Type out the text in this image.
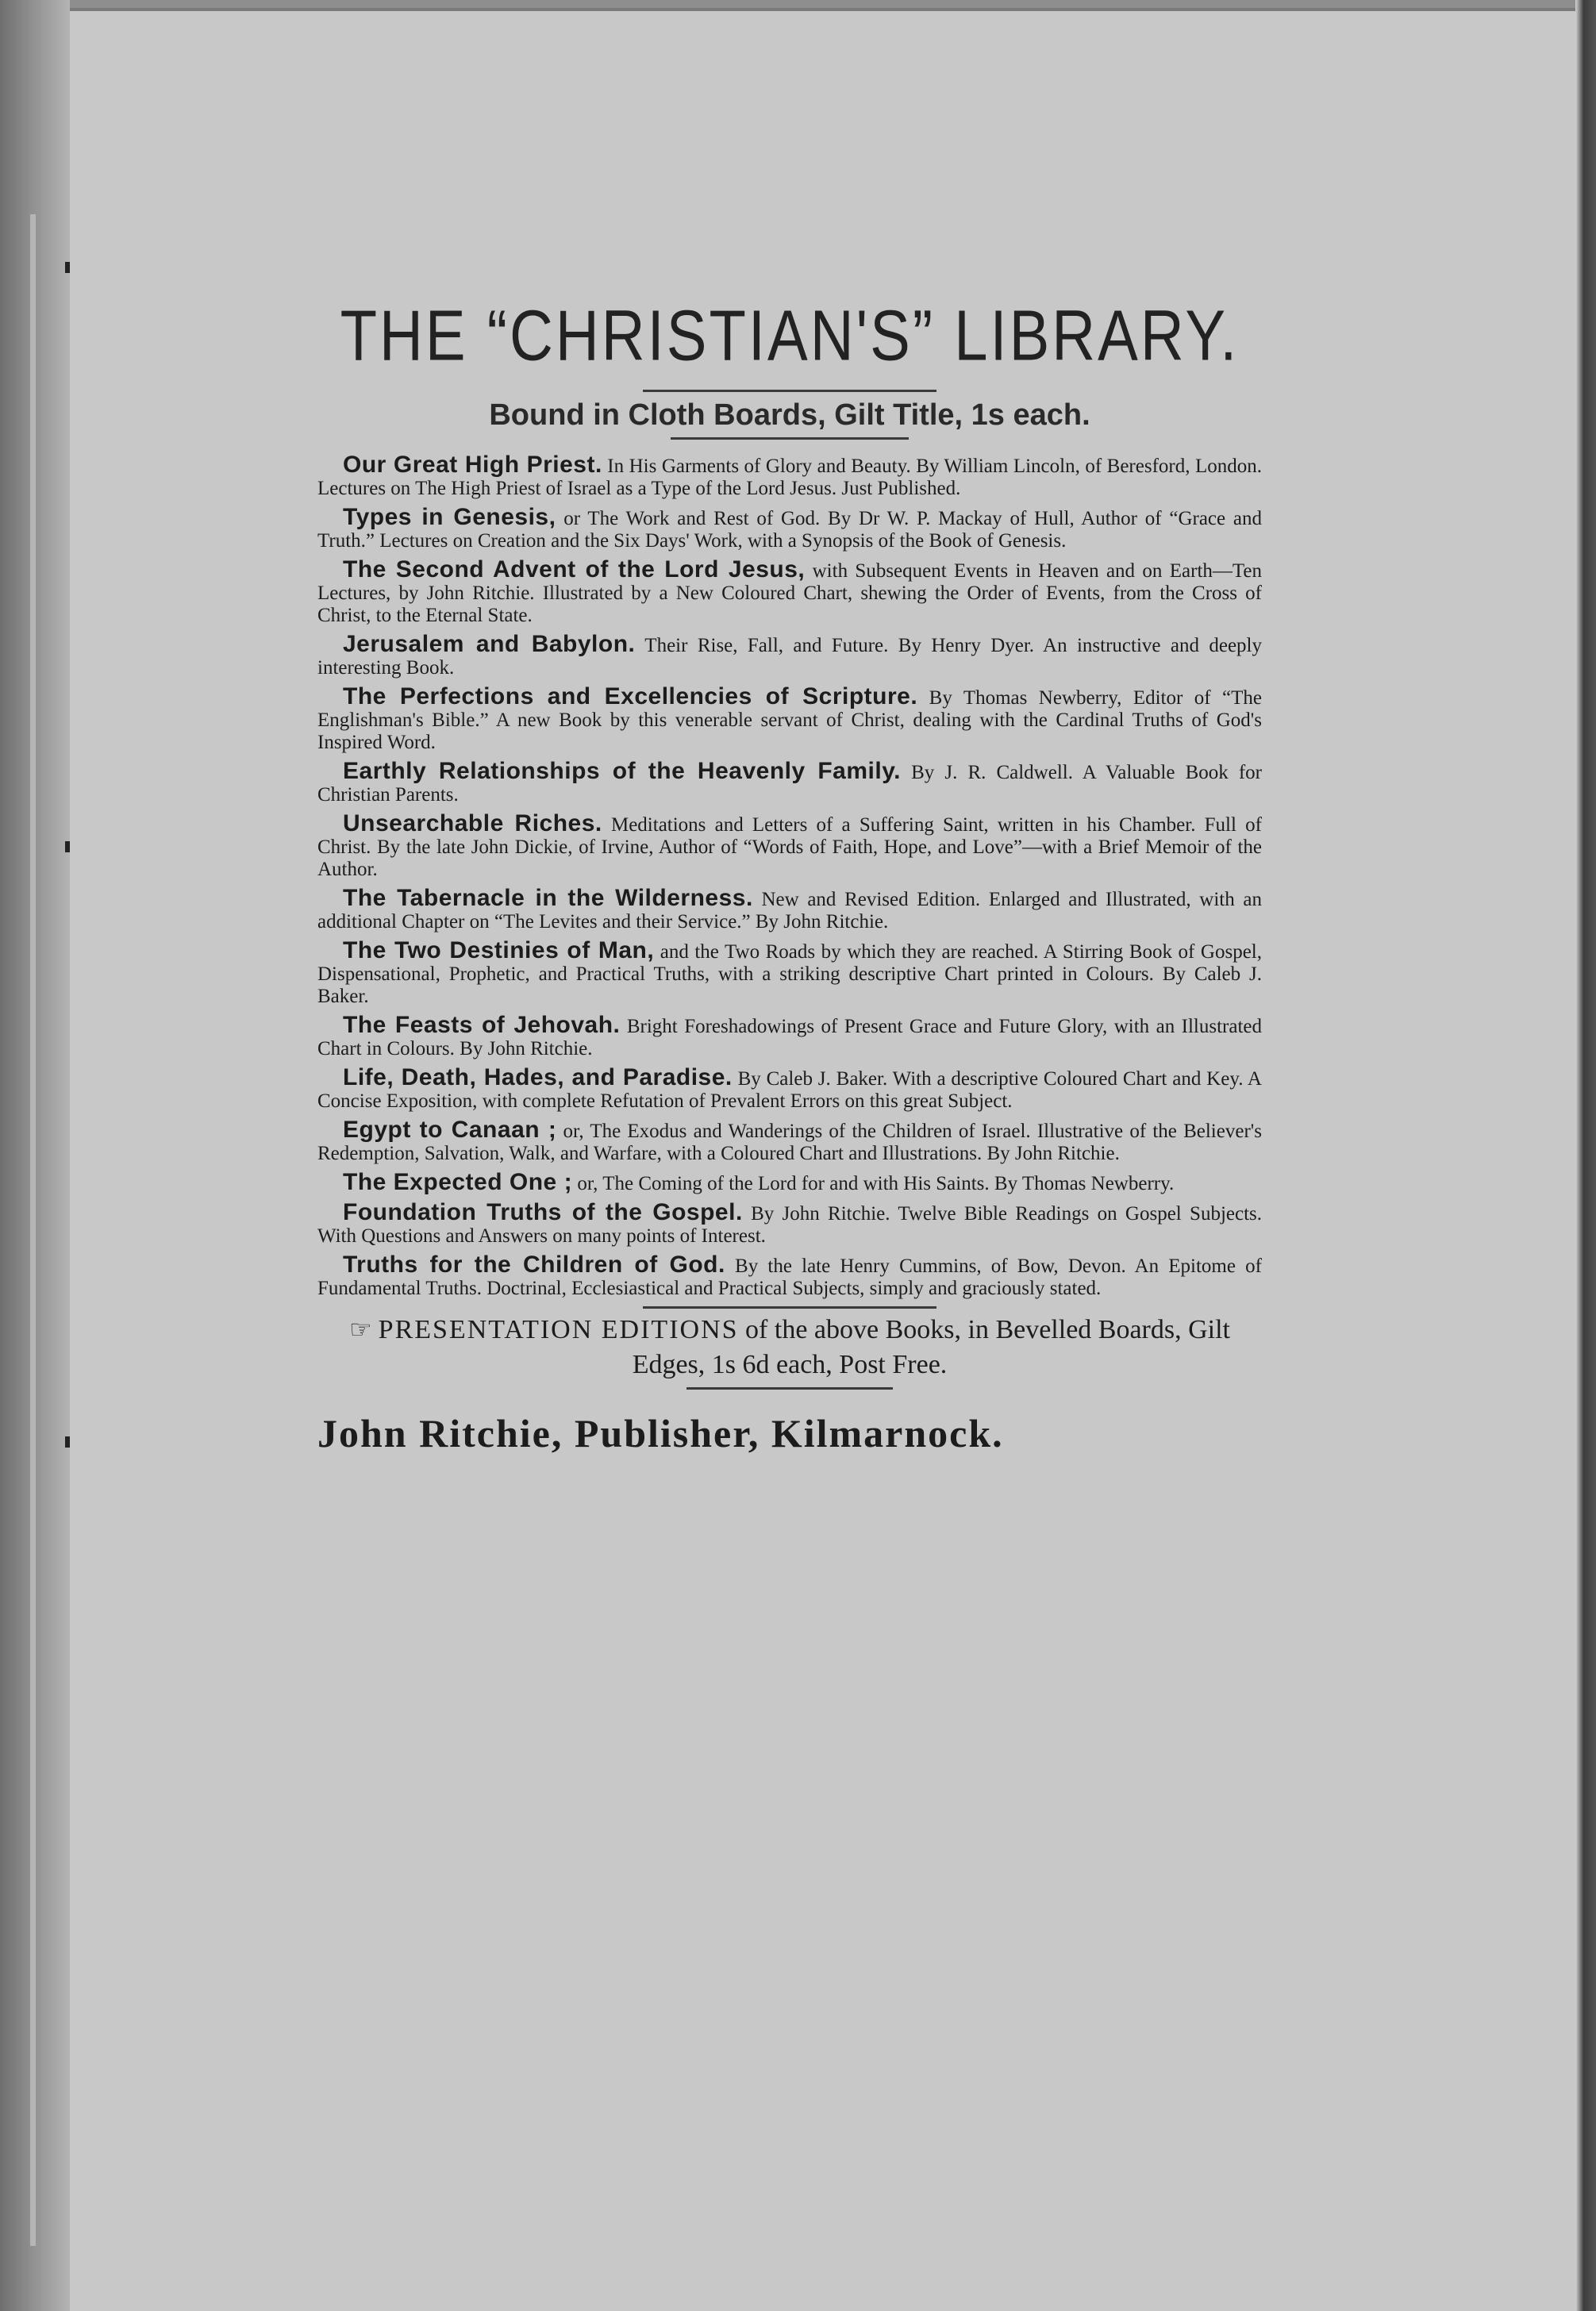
THE “CHRISTIAN'S” LIBRARY.
Bound in Cloth Boards, Gilt Title, 1s each.

Our Great High Priest. In His Garments of Glory and Beauty. By William Lincoln, of Beresford, London. Lectures on The High Priest of Israel as a Type of the Lord Jesus. Just Published.

Types in Genesis, or The Work and Rest of God. By Dr W. P. Mackay of Hull, Author of “Grace and Truth.” Lectures on Creation and the Six Days' Work, with a Synopsis of the Book of Genesis.

The Second Advent of the Lord Jesus, with Subsequent Events in Heaven and on Earth—Ten Lectures, by John Ritchie. Illustrated by a New Coloured Chart, shewing the Order of Events, from the Cross of Christ, to the Eternal State.

Jerusalem and Babylon. Their Rise, Fall, and Future. By Henry Dyer. An instructive and deeply interesting Book.

The Perfections and Excellencies of Scripture. By Thomas Newberry, Editor of “The Englishman's Bible.” A new Book by this venerable servant of Christ, dealing with the Cardinal Truths of God's Inspired Word.

Earthly Relationships of the Heavenly Family. By J. R. Caldwell. A Valuable Book for Christian Parents.

Unsearchable Riches. Meditations and Letters of a Suffering Saint, written in his Chamber. Full of Christ. By the late John Dickie, of Irvine, Author of “Words of Faith, Hope, and Love”—with a Brief Memoir of the Author.

The Tabernacle in the Wilderness. New and Revised Edition. Enlarged and Illustrated, with an additional Chapter on “The Levites and their Service.” By John Ritchie.

The Two Destinies of Man, and the Two Roads by which they are reached. A Stirring Book of Gospel, Dispensational, Prophetic, and Practical Truths, with a striking descriptive Chart printed in Colours. By Caleb J. Baker.

The Feasts of Jehovah. Bright Foreshadowings of Present Grace and Future Glory, with an Illustrated Chart in Colours. By John Ritchie.

Life, Death, Hades, and Paradise. By Caleb J. Baker. With a descriptive Coloured Chart and Key. A Concise Exposition, with complete Refutation of Prevalent Errors on this great Subject.

Egypt to Canaan ; or, The Exodus and Wanderings of the Children of Israel. Illustrative of the Believer's Redemption, Salvation, Walk, and Warfare, with a Coloured Chart and Illustrations. By John Ritchie.

The Expected One ; or, The Coming of the Lord for and with His Saints. By Thomas Newberry.

Foundation Truths of the Gospel. By John Ritchie. Twelve Bible Readings on Gospel Subjects. With Questions and Answers on many points of Interest.

Truths for the Children of God. By the late Henry Cummins, of Bow, Devon. An Epitome of Fundamental Truths. Doctrinal, Ecclesiastical and Practical Subjects, simply and graciously stated.

☞ PRESENTATION EDITIONS of the above Books, in Bevelled Boards, Gilt Edges, 1s 6d each, Post Free.
John Ritchie, Publisher, Kilmarnock.
